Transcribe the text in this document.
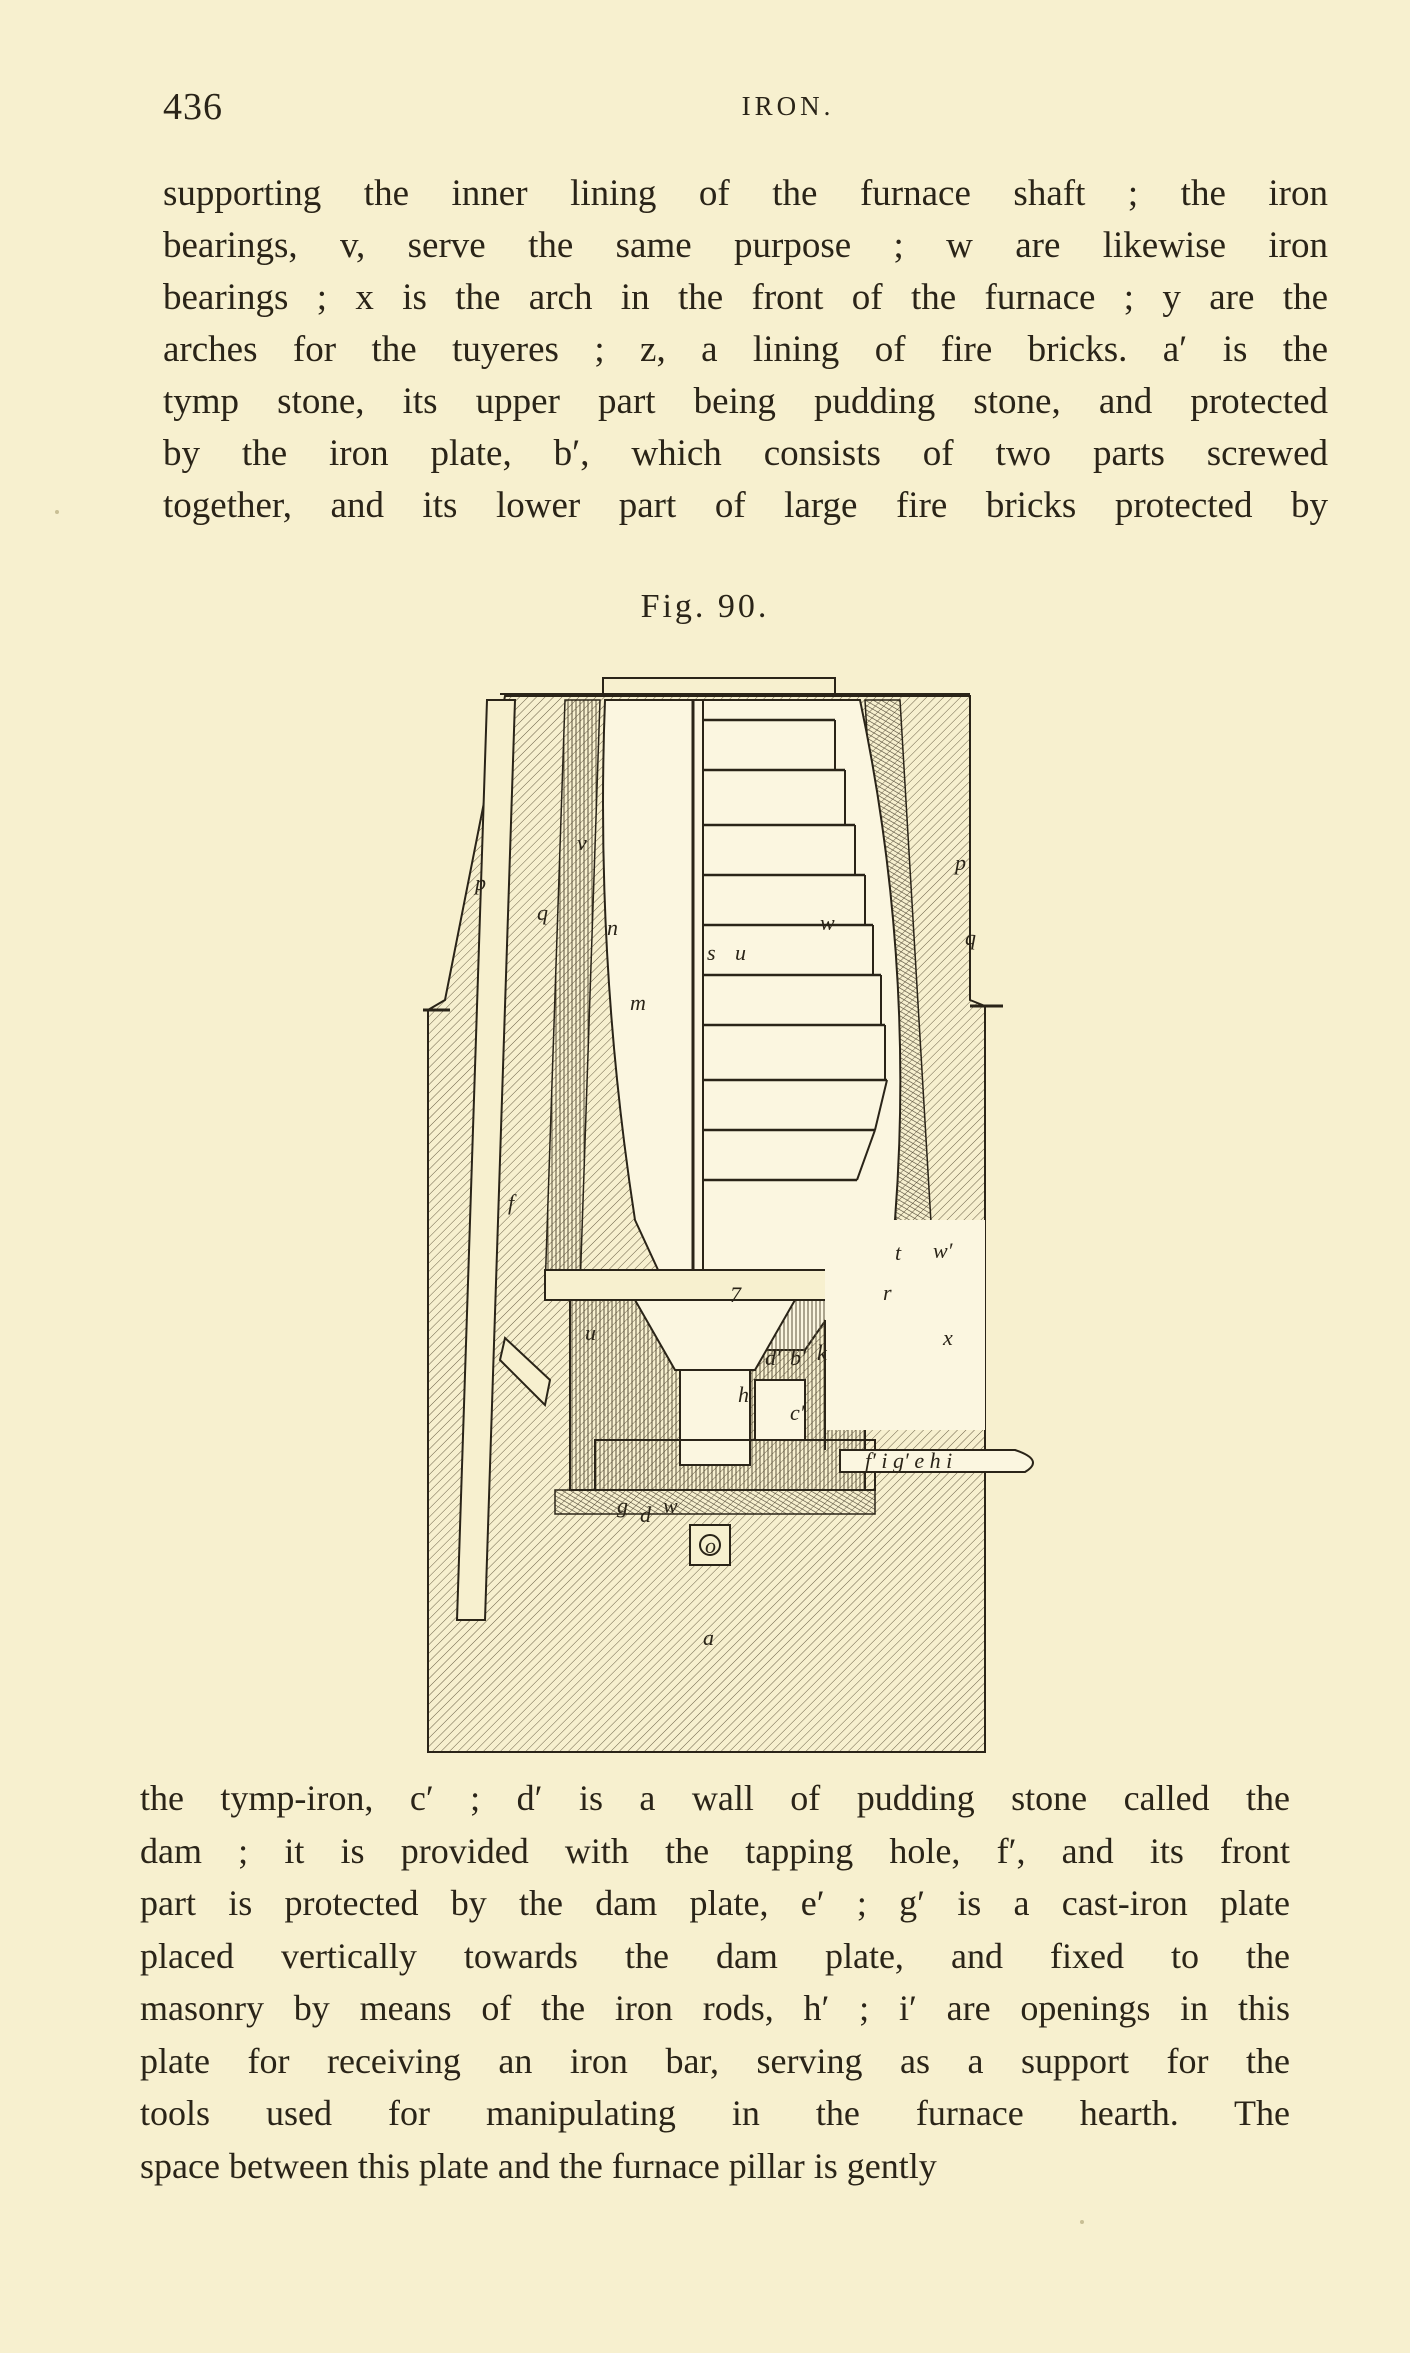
436	IRON.

supporting the inner lining of the furnace shaft ; the iron
bearings, v, serve the same purpose ; w are likewise iron
bearings ; x is the arch in the front of the furnace ; y are the
arches for the tuyeres ; z, a lining of fire bricks. a′ is the
tymp stone, its upper part being pudding stone, and protected
by the iron plate, b′, which consists of two parts screwed
together, and its lower part of large fire bricks protected by

Fig. 90.
p
p
q
q
v
w
u
s
f
7
x
h
d′ b′
c′
k
t
r
f′ i g′ e h i
g w
d
a
o
u
w′
n
m

the tymp-iron, c′ ; d′ is a wall of pudding stone called the
dam ; it is provided with the tapping hole, f′, and its front
part is protected by the dam plate, e′ ; g′ is a cast-iron plate
placed vertically towards the dam plate, and fixed to the
masonry by means of the iron rods, h′ ; i′ are openings in this
plate for receiving an iron bar, serving as a support for the
tools used for manipulating in the furnace hearth. The
space between this plate and the furnace pillar is gently
